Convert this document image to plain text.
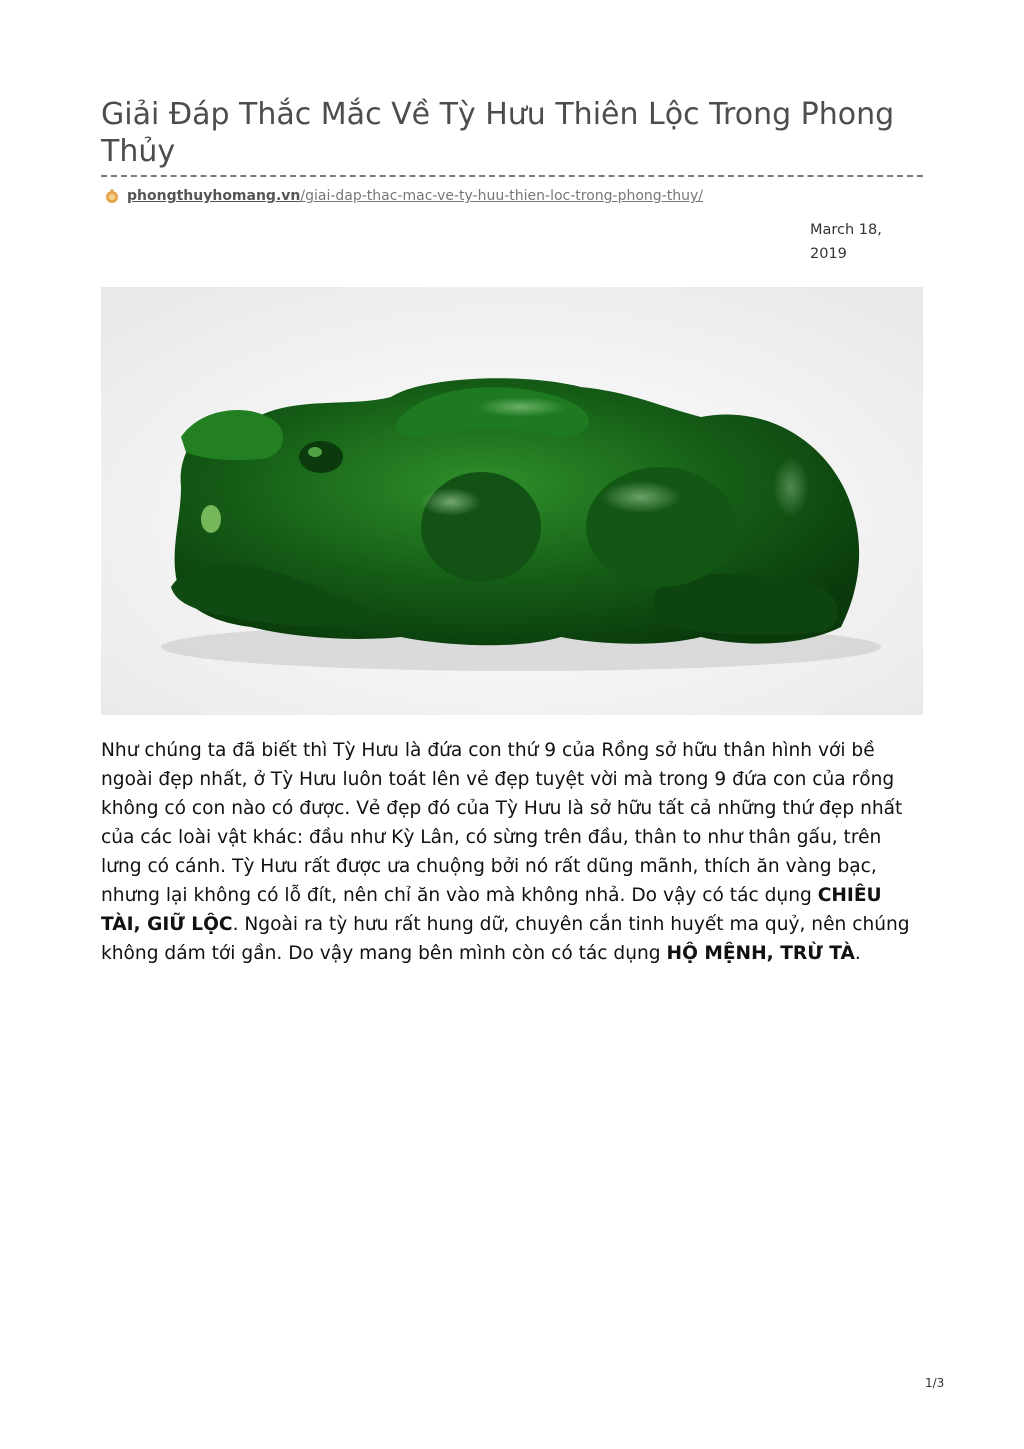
Giải Đáp Thắc Mắc Về Tỳ Hưu Thiên Lộc Trong Phong Thủy
phongthuyhomang.vn /giai-dap-thac-mac-ve-ty-huu-thien-loc-trong-phong-thuy/
March 18, 2019

Như chúng ta đã biết thì Tỳ Hưu là đứa con thứ 9 của Rồng sở hữu thân hình với bề ngoài đẹp nhất, ở Tỳ Hưu luôn toát lên vẻ đẹp tuyệt vời mà trong 9 đứa con của rồng không có con nào có được. Vẻ đẹp đó của Tỳ Hưu là sở hữu tất cả những thứ đẹp nhất của các loài vật khác: đầu như Kỳ Lân, có sừng trên đầu, thân to như thân gấu, trên lưng có cánh. Tỳ Hưu rất được ưa chuộng bởi nó rất dũng mãnh, thích ăn vàng bạc, nhưng lại không có lỗ đít, nên chỉ ăn vào mà không nhả. Do vậy có tác dụng CHIÊU TÀI, GIỮ LỘC. Ngoài ra tỳ hưu rất hung dữ, chuyên cắn tinh huyết ma quỷ, nên chúng không dám tới gần. Do vậy mang bên mình còn có tác dụng HỘ MỆNH, TRỪ TÀ.

1/3
